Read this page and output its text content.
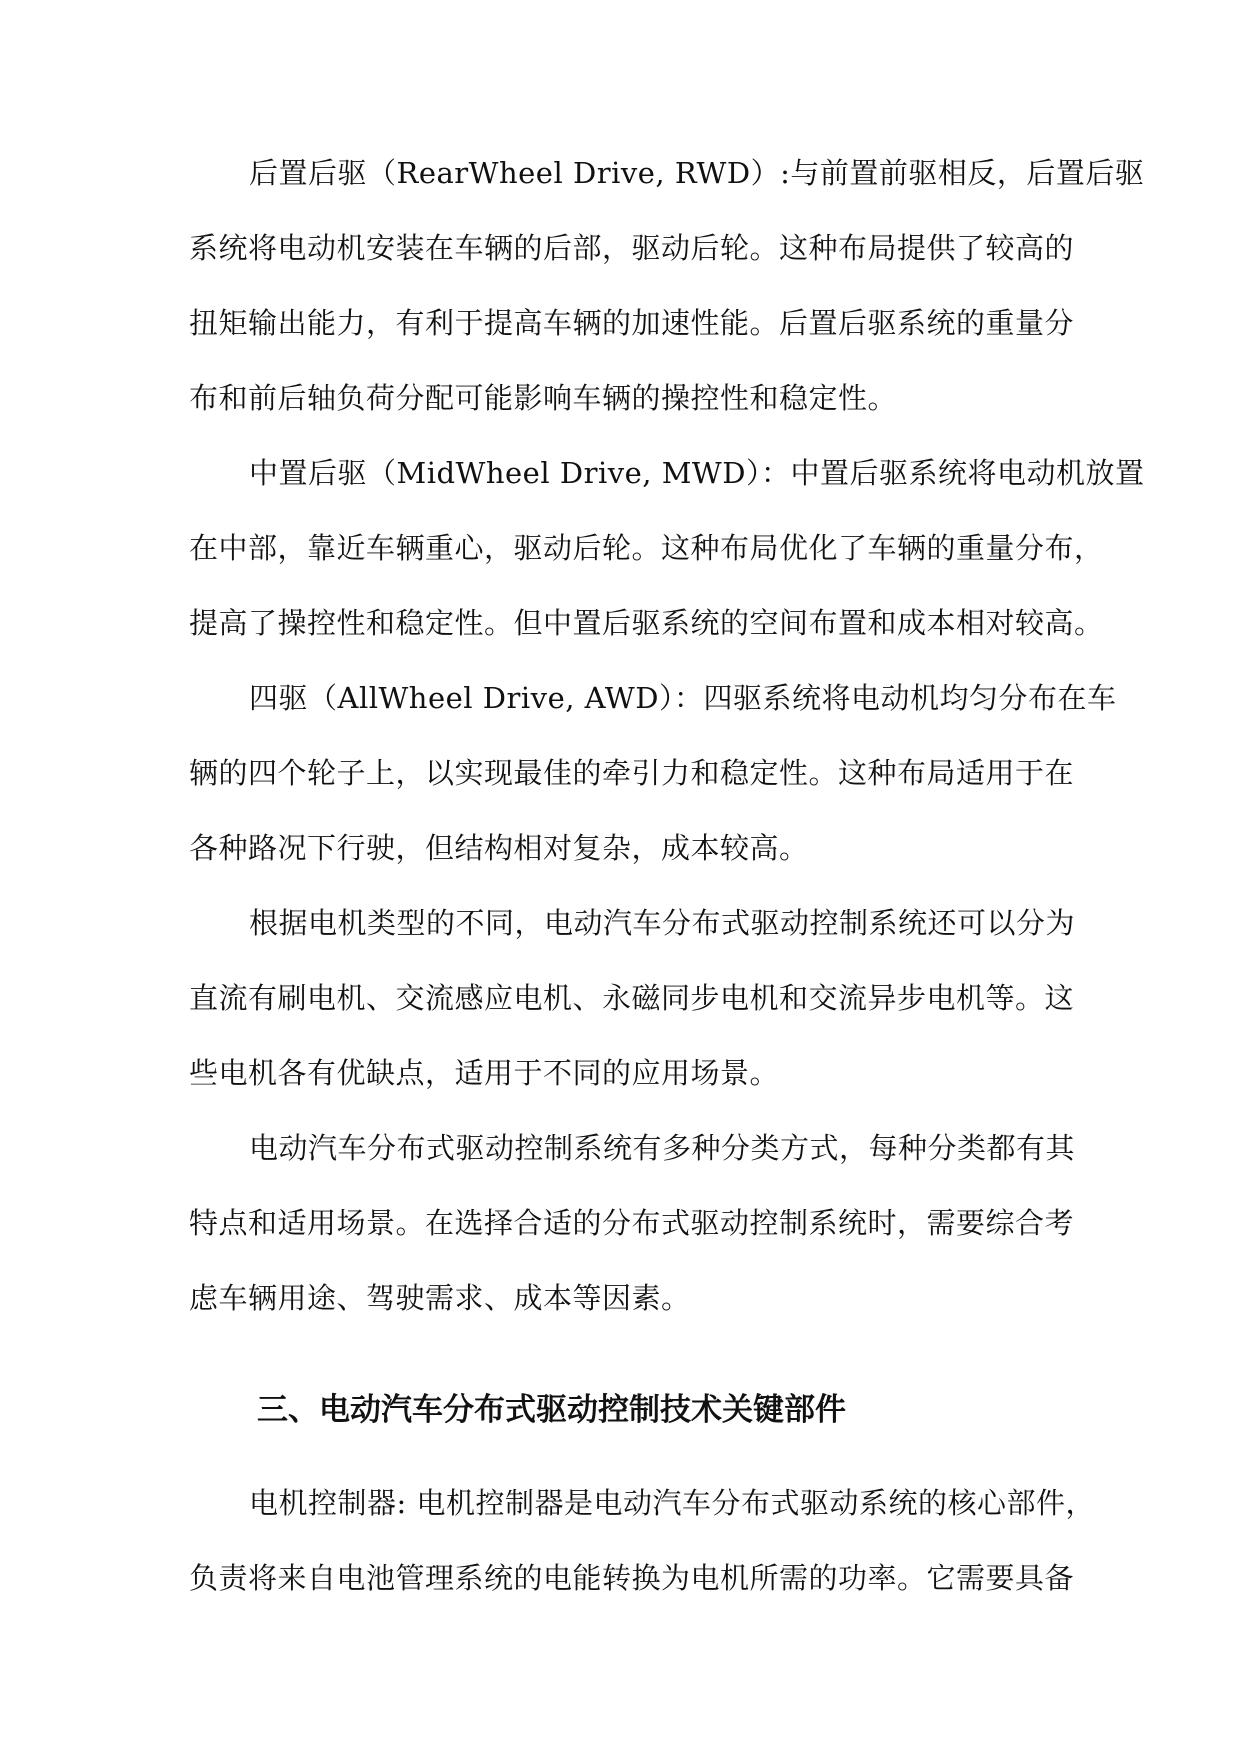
后置后驱（RearWheel Drive, RWD）:与前置前驱相反，后置后驱
系统将电动机安装在车辆的后部，驱动后轮。这种布局提供了较高的
扭矩输出能力，有利于提高车辆的加速性能。后置后驱系统的重量分
布和前后轴负荷分配可能影响车辆的操控性和稳定性。
中置后驱（MidWheel Drive, MWD）：中置后驱系统将电动机放置
在中部，靠近车辆重心，驱动后轮。这种布局优化了车辆的重量分布，
提高了操控性和稳定性。但中置后驱系统的空间布置和成本相对较高。
四驱（AllWheel Drive, AWD）：四驱系统将电动机均匀分布在车
辆的四个轮子上，以实现最佳的牵引力和稳定性。这种布局适用于在
各种路况下行驶，但结构相对复杂，成本较高。
根据电机类型的不同，电动汽车分布式驱动控制系统还可以分为
直流有刷电机、交流感应电机、永磁同步电机和交流异步电机等。这
些电机各有优缺点，适用于不同的应用场景。
电动汽车分布式驱动控制系统有多种分类方式，每种分类都有其
特点和适用场景。在选择合适的分布式驱动控制系统时，需要综合考
虑车辆用途、驾驶需求、成本等因素。
三、电动汽车分布式驱动控制技术关键部件
电机控制器: 电机控制器是电动汽车分布式驱动系统的核心部件，
负责将来自电池管理系统的电能转换为电机所需的功率。它需要具备
